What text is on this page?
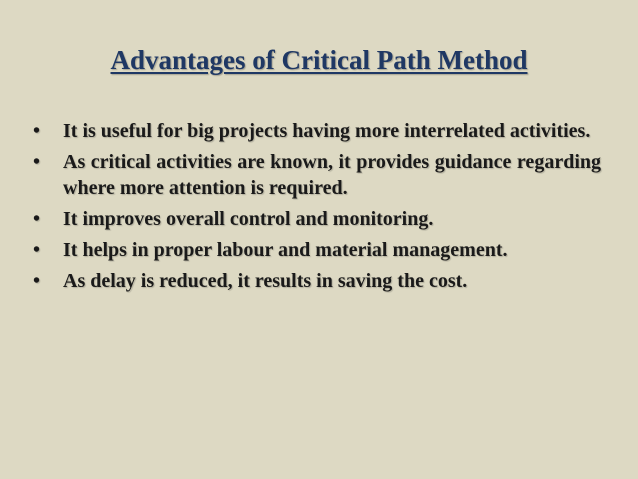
Advantages of Critical Path Method
•	It is useful for big projects having more interrelated activities.
•	As critical activities are known, it provides guidance regarding where more attention is required.
•	It improves overall control and monitoring.
•	It helps in proper labour and material management.
•	As delay is reduced, it results in saving the cost.
